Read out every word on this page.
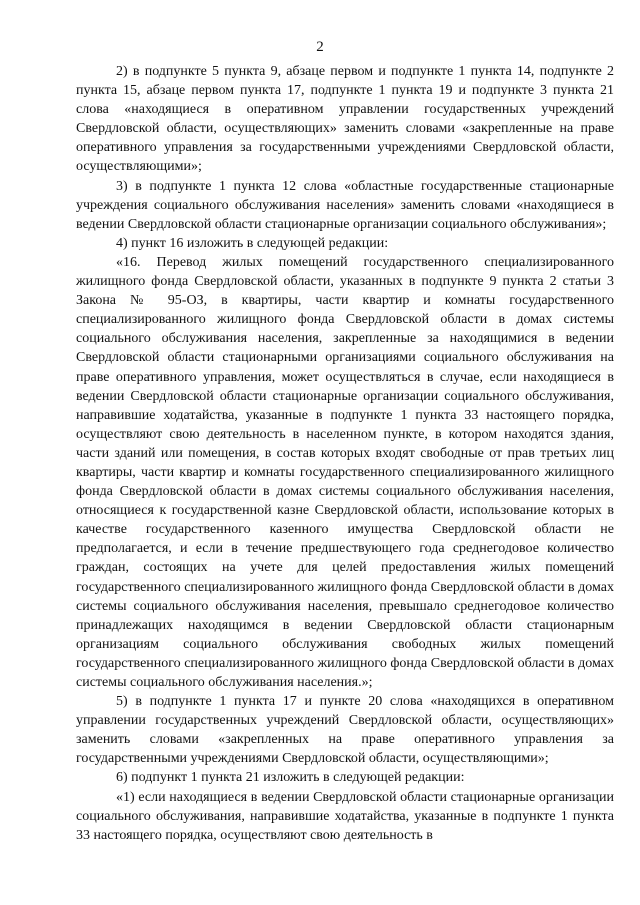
2

2) в подпункте 5 пункта 9, абзаце первом и подпункте 1 пункта 14, подпункте 2 пункта 15, абзаце первом пункта 17, подпункте 1 пункта 19 и подпункте 3 пункта 21 слова «находящиеся в оперативном управлении государственных учреждений Свердловской области, осуществляющих» заменить словами «закрепленные на праве оперативного управления за государственными учреждениями Свердловской области, осуществляющими»;

3) в подпункте 1 пункта 12 слова «областные государственные стационарные учреждения социального обслуживания населения» заменить словами «находящиеся в ведении Свердловской области стационарные организации социального обслуживания»;

4) пункт 16 изложить в следующей редакции:

«16. Перевод жилых помещений государственного специализированного жилищного фонда Свердловской области, указанных в подпункте 9 пункта 2 статьи 3 Закона № 95-ОЗ, в квартиры, части квартир и комнаты государственного специализированного жилищного фонда Свердловской области в домах системы социального обслуживания населения, закрепленные за находящимися в ведении Свердловской области стационарными организациями социального обслуживания на праве оперативного управления, может осуществляться в случае, если находящиеся в ведении Свердловской области стационарные организации социального обслуживания, направившие ходатайства, указанные в подпункте 1 пункта 33 настоящего порядка, осуществляют свою деятельность в населенном пункте, в котором находятся здания, части зданий или помещения, в состав которых входят свободные от прав третьих лиц квартиры, части квартир и комнаты государственного специализированного жилищного фонда Свердловской области в домах системы социального обслуживания населения, относящиеся к государственной казне Свердловской области, использование которых в качестве государственного казенного имущества Свердловской области не предполагается, и если в течение предшествующего года среднегодовое количество граждан, состоящих на учете для целей предоставления жилых помещений государственного специализированного жилищного фонда Свердловской области в домах системы социального обслуживания населения, превышало среднегодовое количество принадлежащих находящимся в ведении Свердловской области стационарным организациям социального обслуживания свободных жилых помещений государственного специализированного жилищного фонда Свердловской области в домах системы социального обслуживания населения.»;

5) в подпункте 1 пункта 17 и пункте 20 слова «находящихся в оперативном управлении государственных учреждений Свердловской области, осуществляющих» заменить словами «закрепленных на праве оперативного управления за государственными учреждениями Свердловской области, осуществляющими»;

6) подпункт 1 пункта 21 изложить в следующей редакции:

«1) если находящиеся в ведении Свердловской области стационарные организации социального обслуживания, направившие ходатайства, указанные в подпункте 1 пункта 33 настоящего порядка, осуществляют свою деятельность в
